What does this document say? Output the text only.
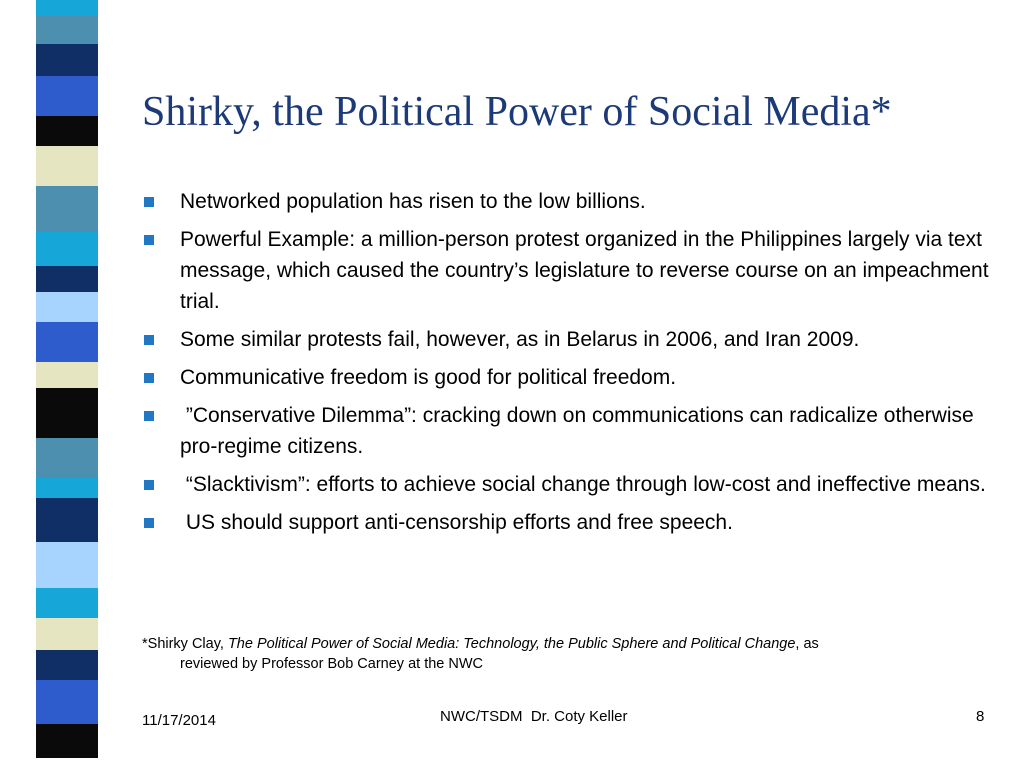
Shirky, the Political Power of Social Media*
Networked population has risen to the low billions.
Powerful Example: a million-person protest organized in the Philippines largely via text message, which caused the country’s legislature to reverse course on an impeachment trial.
Some similar protests fail, however, as in Belarus in 2006, and Iran 2009.
Communicative freedom is good for political freedom.
”Conservative Dilemma”: cracking down on communications can radicalize otherwise pro-regime citizens.
“Slacktivism”: efforts to achieve social change through low-cost and ineffective means.
US should support anti-censorship efforts and free speech.
*Shirky Clay, The Political Power of Social Media: Technology, the Public Sphere and Political Change, as
reviewed by Professor Bob Carney at the NWC
11/17/2014	NWC/TSDM  Dr. Coty Keller	8
